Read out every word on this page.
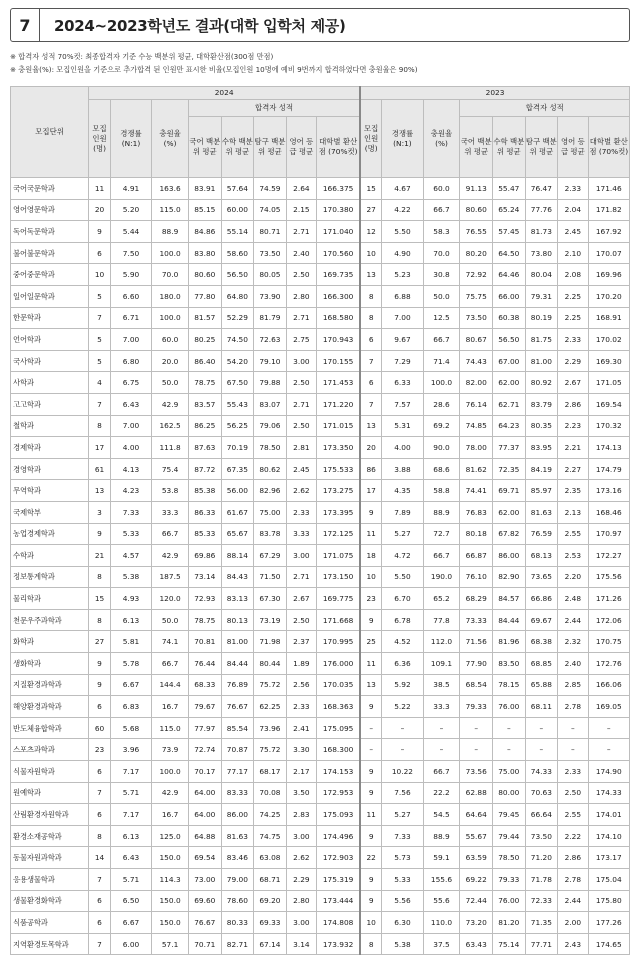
7	2024~2023학년도 결과(대학 입학처 제공)
※ 합격자 성적 70%컷: 최종합격자 기준 수능 백분위 평균, 대학환산점(300점 만점)
※ 충원율(%): 모집인원을 기준으로 추가합격 된 인원만 표시한 비율(모집인원 10명에 예비 9번까지 합격하였다면 충원율은 90%)
모집단위	2024								2023							
	모집 인원 (명)	경쟁률 (N:1)	충원율 (%)	합격자 성적					모집 인원 (명)	경쟁률 (N:1)	충원율 (%)	합격자 성적				
				국어 백분위 평균	수학 백분위 평균	탐구 백분위 평균	영어 등급 평균	대학별 환산점 (70%컷)				국어 백분위 평균	수학 백분위 평균	탐구 백분위 평균	영어 등급 평균	대학별 환산점 (70%컷)
국어국문학과	11	4.91	163.6	83.91	57.64	74.59	2.64	166.375	15	4.67	60.0	91.13	55.47	76.47	2.33	171.46
영어영문학과	20	5.20	115.0	85.15	60.00	74.05	2.15	170.380	27	4.22	66.7	80.60	65.24	77.76	2.04	171.82
독어독문학과	9	5.44	88.9	84.86	55.14	80.71	2.71	171.040	12	5.50	58.3	76.55	57.45	81.73	2.45	167.92
불어불문학과	6	7.50	100.0	83.80	58.60	73.50	2.40	170.560	10	4.90	70.0	80.20	64.50	73.80	2.10	170.07
중어중문학과	10	5.90	70.0	80.60	56.50	80.05	2.50	169.735	13	5.23	30.8	72.92	64.46	80.04	2.08	169.96
일어일문학과	5	6.60	180.0	77.80	64.80	73.90	2.80	166.300	8	6.88	50.0	75.75	66.00	79.31	2.25	170.20
한문학과	7	6.71	100.0	81.57	52.29	81.79	2.71	168.580	8	7.00	12.5	73.50	60.38	80.19	2.25	168.91
언어학과	5	7.00	60.0	80.25	74.50	72.63	2.75	170.943	6	9.67	66.7	80.67	56.50	81.75	2.33	170.02
국사학과	5	6.80	20.0	86.40	54.20	79.10	3.00	170.155	7	7.29	71.4	74.43	67.00	81.00	2.29	169.30
사학과	4	6.75	50.0	78.75	67.50	79.88	2.50	171.453	6	6.33	100.0	82.00	62.00	80.92	2.67	171.05
고고학과	7	6.43	42.9	83.57	55.43	83.07	2.71	171.220	7	7.57	28.6	76.14	62.71	83.79	2.86	169.54
철학과	8	7.00	162.5	86.25	56.25	79.06	2.50	171.015	13	5.31	69.2	74.85	64.23	80.35	2.23	170.32
경제학과	17	4.00	111.8	87.63	70.19	78.50	2.81	173.350	20	4.00	90.0	78.00	77.37	83.95	2.21	174.13
경영학과	61	4.13	75.4	87.72	67.35	80.62	2.45	175.533	86	3.88	68.6	81.62	72.35	84.19	2.27	174.79
무역학과	13	4.23	53.8	85.38	56.00	82.96	2.62	173.275	17	4.35	58.8	74.41	69.71	85.97	2.35	173.16
국제학부	3	7.33	33.3	86.33	61.67	75.00	2.33	173.395	9	7.89	88.9	76.83	62.00	81.63	2.13	168.46
농업경제학과	9	5.33	66.7	85.33	65.67	83.78	3.33	172.125	11	5.27	72.7	80.18	67.82	76.59	2.55	170.97
수학과	21	4.57	42.9	69.86	88.14	67.29	3.00	171.075	18	4.72	66.7	66.87	86.00	68.13	2.53	172.27
정보통계학과	8	5.38	187.5	73.14	84.43	71.50	2.71	173.150	10	5.50	190.0	76.10	82.90	73.65	2.20	175.56
물리학과	15	4.93	120.0	72.93	83.13	67.30	2.67	169.775	23	6.70	65.2	68.29	84.57	66.86	2.48	171.26
천문우주과학과	8	6.13	50.0	78.75	80.13	73.19	2.50	171.668	9	6.78	77.8	73.33	84.44	69.67	2.44	172.06
화학과	27	5.81	74.1	70.81	81.00	71.98	2.37	170.995	25	4.52	112.0	71.56	81.96	68.38	2.32	170.75
생화학과	9	5.78	66.7	76.44	84.44	80.44	1.89	176.000	11	6.36	109.1	77.90	83.50	68.85	2.40	172.76
지질환경과학과	9	6.67	144.4	68.33	76.89	75.72	2.56	170.035	13	5.92	38.5	68.54	78.15	65.88	2.85	166.06
해양환경과학과	6	6.83	16.7	79.67	76.67	62.25	2.33	168.363	9	5.22	33.3	79.33	76.00	68.11	2.78	169.05
반도체융합학과	60	5.68	115.0	77.97	85.54	73.96	2.41	175.095	–	–	–	–	–	–	–	–
스포츠과학과	23	3.96	73.9	72.74	70.87	75.72	3.30	168.300	–	–	–	–	–	–	–	–
식물자원학과	6	7.17	100.0	70.17	77.17	68.17	2.17	174.153	9	10.22	66.7	73.56	75.00	74.33	2.33	174.90
원예학과	7	5.71	42.9	64.00	83.33	70.08	3.50	172.953	9	7.56	22.2	62.88	80.00	70.63	2.50	174.33
산림환경자원학과	6	7.17	16.7	64.00	86.00	74.25	2.83	175.093	11	5.27	54.5	64.64	79.45	66.64	2.55	174.01
환경소재공학과	8	6.13	125.0	64.88	81.63	74.75	3.00	174.496	9	7.33	88.9	55.67	79.44	73.50	2.22	174.10
동물자원과학과	14	6.43	150.0	69.54	83.46	63.08	2.62	172.903	22	5.73	59.1	63.59	78.50	71.20	2.86	173.17
응용생물학과	7	5.71	114.3	73.00	79.00	68.71	2.29	175.319	9	5.33	155.6	69.22	79.33	71.78	2.78	175.04
생물환경화학과	6	6.50	150.0	69.60	78.60	69.20	2.80	173.444	9	5.56	55.6	72.44	76.00	72.33	2.44	175.80
식품공학과	6	6.67	150.0	76.67	80.33	69.33	3.00	174.808	10	6.30	110.0	73.20	81.20	71.35	2.00	177.26
지역환경토목학과	7	6.00	57.1	70.71	82.71	67.14	3.14	173.932	8	5.38	37.5	63.43	75.14	77.71	2.43	174.65
